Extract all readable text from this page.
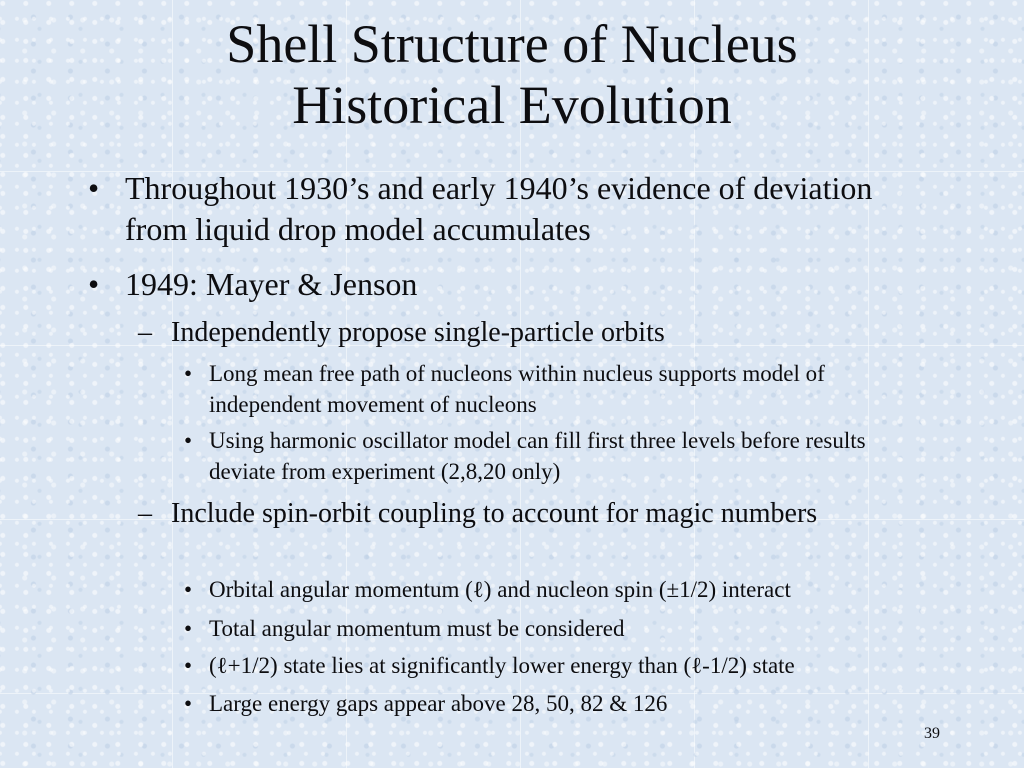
Shell Structure of Nucleus
Historical Evolution
• Throughout 1930’s and early 1940’s evidence of deviation from liquid drop model accumulates
• 1949: Mayer & Jenson
– Independently propose single-particle orbits
• Long mean free path of nucleons within nucleus supports model of independent movement of nucleons
• Using harmonic oscillator model can fill first three levels before results deviate from experiment (2,8,20 only)
– Include spin-orbit coupling to account for magic numbers
• Orbital angular momentum (ℓ) and nucleon spin (±1/2) interact
• Total angular momentum must be considered
• (ℓ+1/2) state lies at significantly lower energy than (ℓ-1/2) state
• Large energy gaps appear above 28, 50, 82 & 126
39
